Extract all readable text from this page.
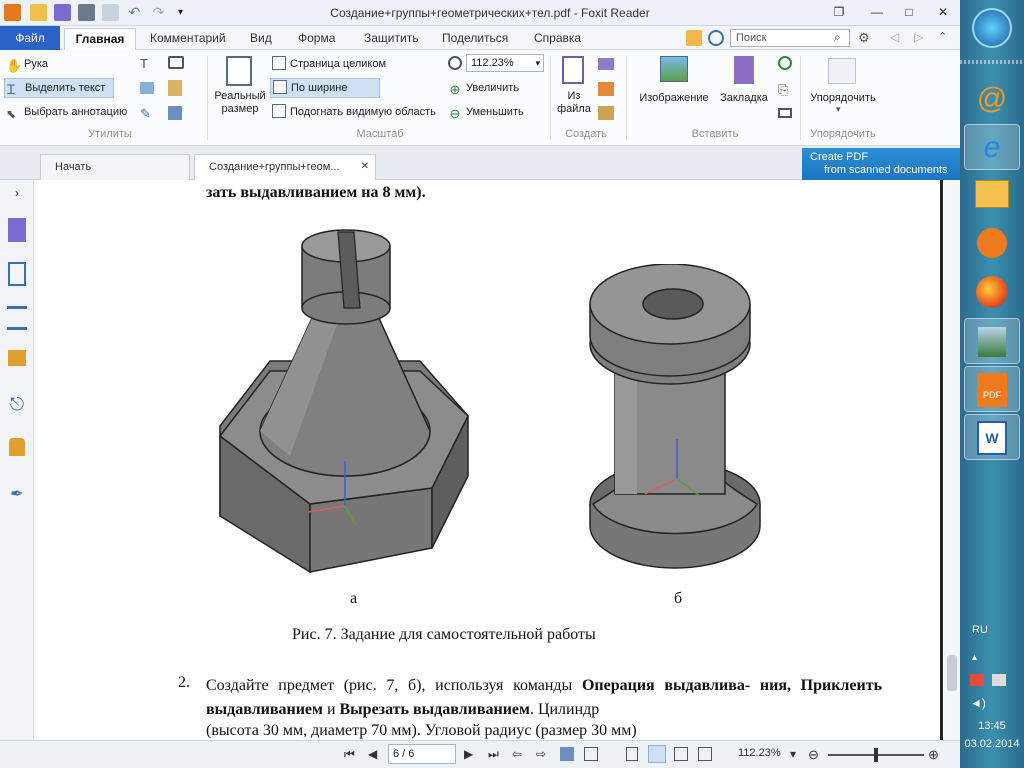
↶ ↷	▾	Создание+группы+геометрических+тел.pdf - Foxit Reader	❐	—	□	✕
Файл	Главная	Комментарий Вид Форма Защитить Поделиться Справка	Поиск	⌕ ⚙ ◁ ▷ ⌃
✋ Рука
Ꮖ Выделить текст
⬉ Выбрать аннотацию
T
✎
Утилиты
Реальный
размер
Страница целиком
По ширине
Подогнать видимую область
112.23% ▾
⊕ Увеличить
⊖ Уменьшить
Масштаб
Из
файла
Создать
Изображение	Закладка
⎘
Вставить
Упорядочить
▾
Упорядочить
Начать	Создание+группы+геом... ✕
Create PDF
from scanned documents
›
⎋
✒
зать выдавливанием на 8 мм).
а	б
Рис. 7. Задание для самостоятельной работы
2. Создайте предмет (рис. 7, б), используя команды Операция выдавлива- ния, Приклеить выдавливанием и Вырезать выдавливанием. Цилиндр
(высота 30 мм, диаметр 70 мм). Угловой радиус (размер 30 мм)
⏮ ◀	6 / 6	▶ ⏭ ⇦ ⇨	112.23% ▾ ⊖	⊕
@
e
PDF
W
RU
▴
◄)
13:45
03.02.2014
